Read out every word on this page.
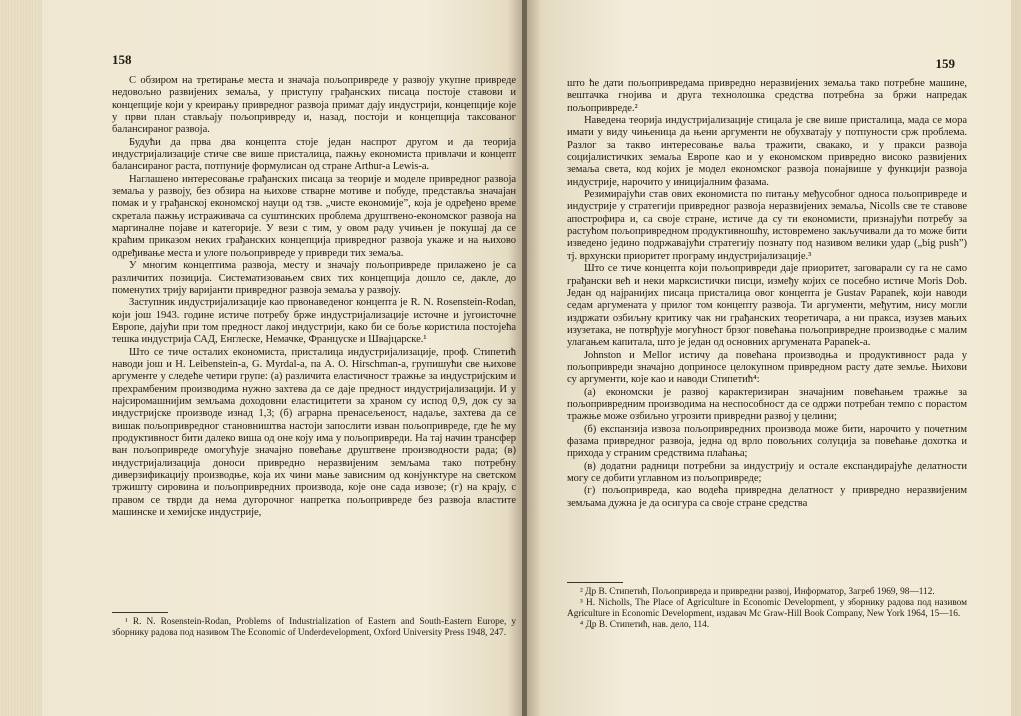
158

С обзиром на третирање места и значаја пољопривреде у развоју укупне привреде недовољно развијених земаља, у приступу грађанских писаца постоје ставови и концепције који у креирању привредног развоја примат дају индустрији, концепције које у први план стављају пољопривреду и, назад, постоји и концепција таксованог балансираног развоја.

Будући да прва два концепта стоје један наспрот другом и да теорија индустријализације стиче све више присталица, пажњу економиста привлачи и концепт балансираног раста, потпуније формулисан од стране Arthur-а Lewis-а.

Наглашено интересовање грађанских писаца за теорије и моделе привредног развоја земаља у развоју, без обзира на њихове стварне мотиве и побуде, представља значајан помак и у грађанској економској науци од тзв. „чисте економије”, која је одређено време скретала пажњу истраживача са суштинских проблема друштвено-економског развоја на маргиналне појаве и категорије. У вези с тим, у овом раду учињен је покушај да се краћим приказом неких грађанских концепција привредног развоја укаже и на њихово одређивање места и улоге пољопривреде у привреди тих земаља.

У многим концептима развоја, месту и значају пољопривреде прилажено је са различитих позиција. Систематизовањем свих тих концепција дошло се, дакле, до поменутих трију варијанти привредног развоја земаља у развоју.

Заступник индустријализације као првонаведеног концепта је R. N. Rosenstein-Rodan, који још 1943. године истиче потребу брже индустријализације источне и југоисточне Европе, дајући при том предност лакој индустрији, како би се боље користила постојећа тешка индустрија САД, Енглеске, Немачке, Француске и Швајцарске.¹

Што се тиче осталих економиста, присталица индустријализације, проф. Стипетић наводи још и H. Leibenstein-а, G. Myrdal-а, па A. O. Hirschman-а, групишући све њихове аргументе у следеће четири групе: (а) различита еластичност тражње за индустријским и прехрамбеним производима нужно захтева да се даје предност индустријализацији. И у најсиромашнијим земљама доходовни еластицитети за храном су испод 0,9, док су за индустријске производе изнад 1,3; (б) аграрна пренасељеност, надаље, захтева да се вишак пољопривредног становништва настоји запослити изван пољопривреде, где ће му продуктивност бити далеко виша од оне коју има у пољопривреди. На тај начин трансфер ван пољопривреде омогућује значајно повећање друштвене производности рада; (в) индустријализација доноси привредно неразвијеним земљама тако потребну диверзификацију производње, која их чини мање зависним од конјунктуре на светском тржишту сировина и пољопривредних производа, које оне сада извозе; (г) на крају, с правом се тврди да нема дугорочног напретка пољопривреде без развоја властите машинске и хемијске индустрије,

¹ R. N. Rosenstein-Rodan, Problems of Industrialization of Eastern and South-Eastern Europe, у зборнику радова под називом The Economic of Underdevelopment, Oxford University Press 1948, 247.

159

што ће дати пољопривредама привредно неразвијених земаља тако потребне машине, вештачка гнојива и друга технолошка средства потребна за бржи напредак пољопривреде.²

Наведена теорија индустријализације стицала је све више присталица, мада се мора имати у виду чињеница да њени аргументи не обухватају у потпуности срж проблема. Разлог за такво интересовање ваља тражити, свакако, и у пракси развоја социјалистичких земаља Европе као и у економском привредно високо развијених земаља света, код којих је модел економског развоја понајвише у функцији развоја индустрије, нарочито у иницијалним фазама.

Резимирајући став ових економиста по питању међусобног односа пољопривреде и индустрије у стратегији привредног развоја неразвијених земаља, Nicolls све те ставове апострофира и, са своје стране, истиче да су ти економисти, признајући потребу за растућом пољопривредном продуктивношћу, истовремено закључивали да то може бити изведено једино подржавајући стратегију познату под називом велики удар („big push”) тј. врхунски приоритет програму индустријализације.³

Што се тиче концепта који пољопривреди даје приоритет, заговарали су га не само грађански већ и неки марксистички писци, између којих се посебно истиче Moris Dob. Један од најранијих писаца присталица овог концепта је Gustav Papanek, који наводи седам аргумената у прилог том концепту развоја. Ти аргументи, међутим, нису могли издржати озбиљну критику чак ни грађанских теоретичара, а ни пракса, изузев мањих изузетака, не потврђује могућност брзог повећања пољопривредне производње с малим улагањем капитала, што је један од основних аргумената Papanek-а.

Johnston и Mellor истичу да повећана производња и продуктивност рада у пољопривреди значајно доприносе целокупном привредном расту дате земље. Њихови су аргументи, које као и наводи Стипетић⁴:

(а) економски је развој карактеризиран значајним повећањем тражње за пољопривредним производима на неспособност да се одржи потребан темпо с порастом тражње може озбиљно угрозити привредни развој у целини;

(б) експанзија извоза пољопривредних производа може бити, нарочито у почетним фазама привредног развоја, једна од врло повољних солуција за повећање дохотка и прихода у страним средствима плаћања;

(в) додатни радници потребни за индустрију и остале експандирајуће делатности могу се добити углавном из пољопривреде;

(г) пољопривреда, као водећа привредна делатност у привредно неразвијеним земљама дужна је да осигура са своје стране средства

² Др В. Стипетић, Пољопривреда и привредни развој, Информатор, Загреб 1969, 98—112.

³ H. Nicholls, The Place of Agriculture in Economic Development, у зборнику радова под називом Agriculture in Economic Development, издавач Mc Graw-Hill Book Company, New York 1964, 15—16.

⁴ Др В. Стипетић, нав. дело, 114.
